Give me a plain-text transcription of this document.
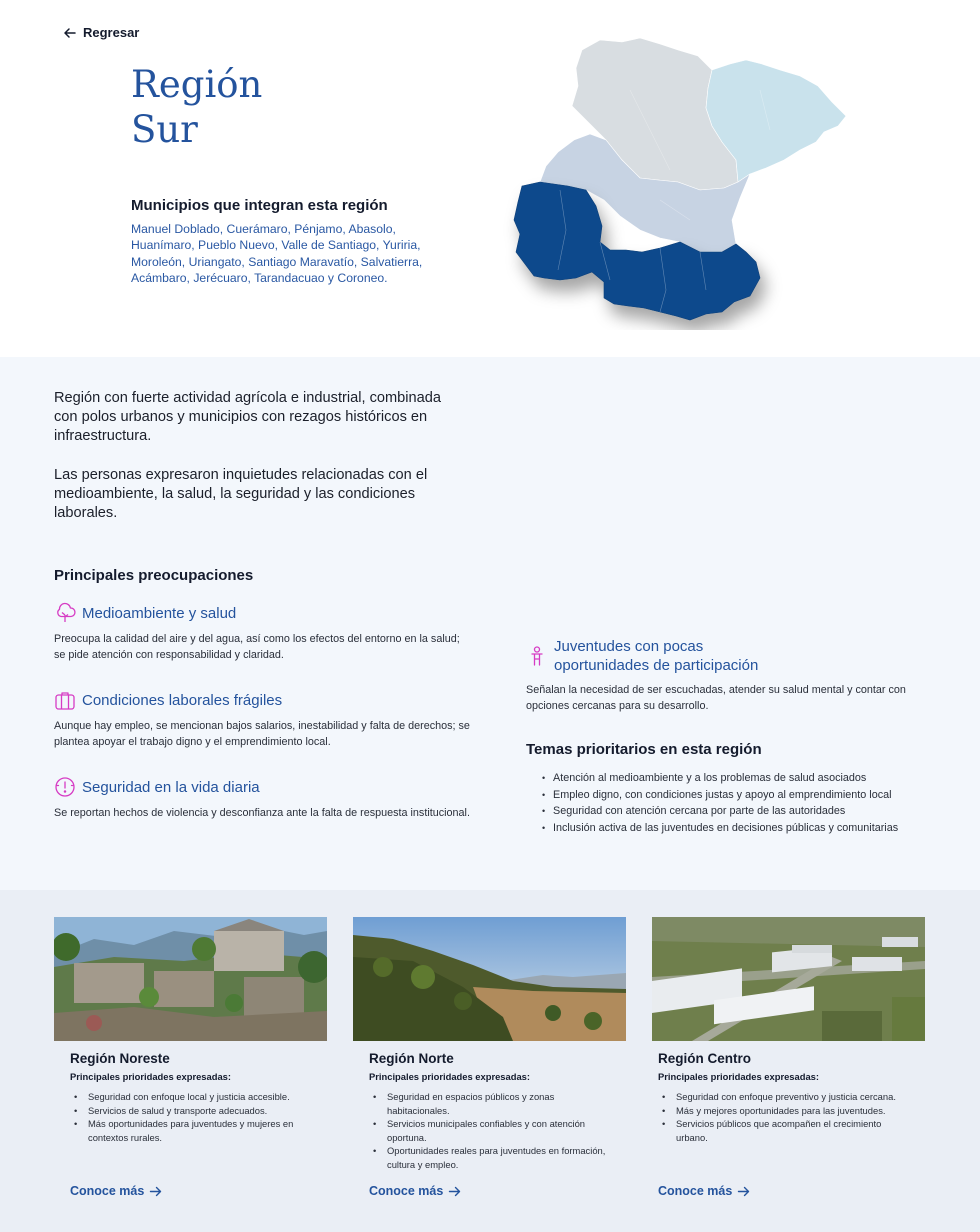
Regresar
Región
Sur
Municipios que integran esta región

Manuel Doblado, Cuerámaro, Pénjamo, Abasolo, Huanímaro, Pueblo Nuevo, Valle de Santiago, Yuriria, Moroleón, Uriangato, Santiago Maravatío, Salvatierra, Acámbaro, Jerécuaro, Tarandacuao y Coroneo.

Región con fuerte actividad agrícola e industrial, combinada con polos urbanos y municipios con rezagos históricos en infraestructura.

Las personas expresaron inquietudes relacionadas con el medioambiente, la salud, la seguridad y las condiciones laborales.

Principales preocupaciones
Medioambiente y salud

Preocupa la calidad del aire y del agua, así como los efectos del entorno en la salud; se pide atención con responsabilidad y claridad.

Condiciones laborales frágiles

Aunque hay empleo, se mencionan bajos salarios, inestabilidad y falta de derechos; se plantea apoyar el trabajo digno y el emprendimiento local.

Seguridad en la vida diaria

Se reportan hechos de violencia y desconfianza ante la falta de respuesta institucional.

Juventudes con pocas
oportunidades de participación

Señalan la necesidad de ser escuchadas, atender su salud mental y contar con opciones cercanas para su desarrollo.

Temas prioritarios en esta región
• Atención al medioambiente y a los problemas de salud asociados
• Empleo digno, con condiciones justas y apoyo al emprendimiento local
• Seguridad con atención cercana por parte de las autoridades
• Inclusión activa de las juventudes en decisiones públicas y comunitarias
Región Noreste

Principales prioridades expresadas:

• Seguridad con enfoque local y justicia accesible.
• Servicios de salud y transporte adecuados.
• Más oportunidades para juventudes y mujeres en contextos rurales.
Conoce más
Región Norte

Principales prioridades expresadas:

• Seguridad en espacios públicos y zonas habitacionales.
• Servicios municipales confiables y con atención oportuna.
• Oportunidades reales para juventudes en formación, cultura y empleo.
Conoce más
Región Centro

Principales prioridades expresadas:

• Seguridad con enfoque preventivo y justicia cercana.
• Más y mejores oportunidades para las juventudes.
• Servicios públicos que acompañen el crecimiento urbano.
Conoce más
